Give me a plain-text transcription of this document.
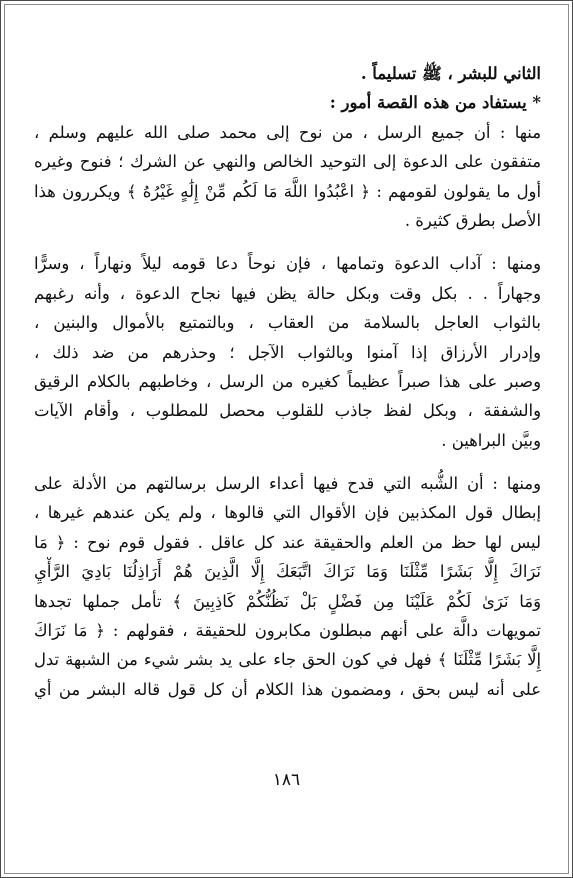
الثاني للبشر ، ﷺ تسليماً .
* يستفاد من هذه القصة أمور :
منها : أن جميع الرسل ، من نوح إلى محمد صلى الله عليهم وسلم ،
متفقون على الدعوة إلى التوحيد الخالص والنهي عن الشرك ؛ فنوح وغيره
أول ما يقولون لقومهم : ﴿ اعْبُدُوا اللَّهَ مَا لَكُم مِّنْ إِلَٰهٍ غَيْرُهُ ﴾ ويكررون هذا
الأصل بطرق كثيرة .
ومنها : آداب الدعوة وتمامها ، فإن نوحاً دعا قومه ليلاً ونهاراً ، وسرًّا
وجهاراً . . بكل وقت وبكل حالة يظن فيها نجاح الدعوة ، وأنه رغبهم
بالثواب العاجل بالسلامة من العقاب ، وبالتمتيع بالأموال والبنين ،
وإدرار الأرزاق إذا آمنوا وبالثواب الآجل ؛ وحذرهم من ضد ذلك ،
وصبر على هذا صبراً عظيماً كغيره من الرسل ، وخاطبهم بالكلام الرقيق
والشفقة ، وبكل لفظ جاذب للقلوب محصل للمطلوب ، وأقام الآيات
وبيَّن البراهين .
ومنها : أن الشُّبه التي قدح فيها أعداء الرسل برسالتهم من الأدلة على
إبطال قول المكذبين فإن الأقوال التي قالوها ، ولم يكن عندهم غيرها ،
ليس لها حظ من العلم والحقيقة عند كل عاقل . فقول قوم نوح : ﴿ مَا
نَرَاكَ إِلَّا بَشَرًا مِّثْلَنَا وَمَا نَرَاكَ اتَّبَعَكَ إِلَّا الَّذِينَ هُمْ أَرَاذِلُنَا بَادِيَ الرَّأْيِ
وَمَا نَرَىٰ لَكُمْ عَلَيْنَا مِن فَضْلٍ بَلْ نَظُنُّكُمْ كَاذِبِينَ ﴾ تأمل جملها تجدها
تمويهات دالَّة على أنهم مبطلون مكابرون للحقيقة ، فقولهم : ﴿ مَا نَرَاكَ
إِلَّا بَشَرًا مِّثْلَنَا ﴾ فهل في كون الحق جاء على يد بشر شيء من الشبهة تدل
على أنه ليس بحق ، ومضمون هذا الكلام أن كل قول قاله البشر من أي
١٨٦
